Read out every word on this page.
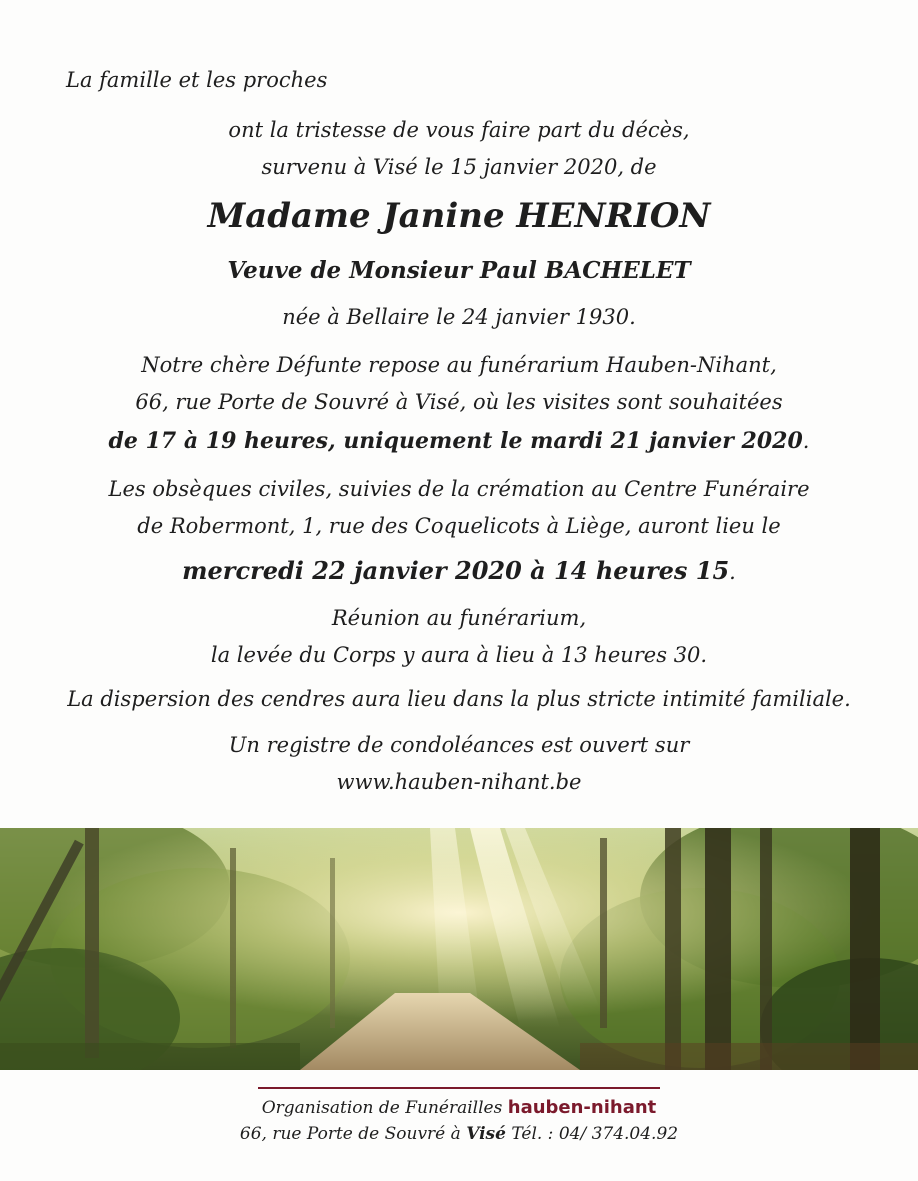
La famille et les proches
ont la tristesse de vous faire part du décès,
survenu à Visé le 15 janvier 2020, de
Madame Janine HENRION
Veuve de Monsieur Paul BACHELET
née à Bellaire le 24 janvier 1930.
Notre chère Défunte repose au funérarium Hauben-Nihant,
66, rue Porte de Souvré à Visé, où les visites sont souhaitées
de 17 à 19 heures, uniquement le mardi 21 janvier 2020.
Les obsèques civiles, suivies de la crémation au Centre Funéraire
de Robermont, 1, rue des Coquelicots à Liège, auront lieu le
mercredi 22 janvier 2020 à 14 heures 15.
Réunion au funérarium,
la levée du Corps y aura à lieu à 13 heures 30.
La dispersion des cendres aura lieu dans la plus stricte intimité familiale.
Un registre de condoléances est ouvert sur
www.hauben-nihant.be
Organisation de Funérailles hauben-nihant
66, rue Porte de Souvré à Visé Tél. : 04/ 374.04.92
